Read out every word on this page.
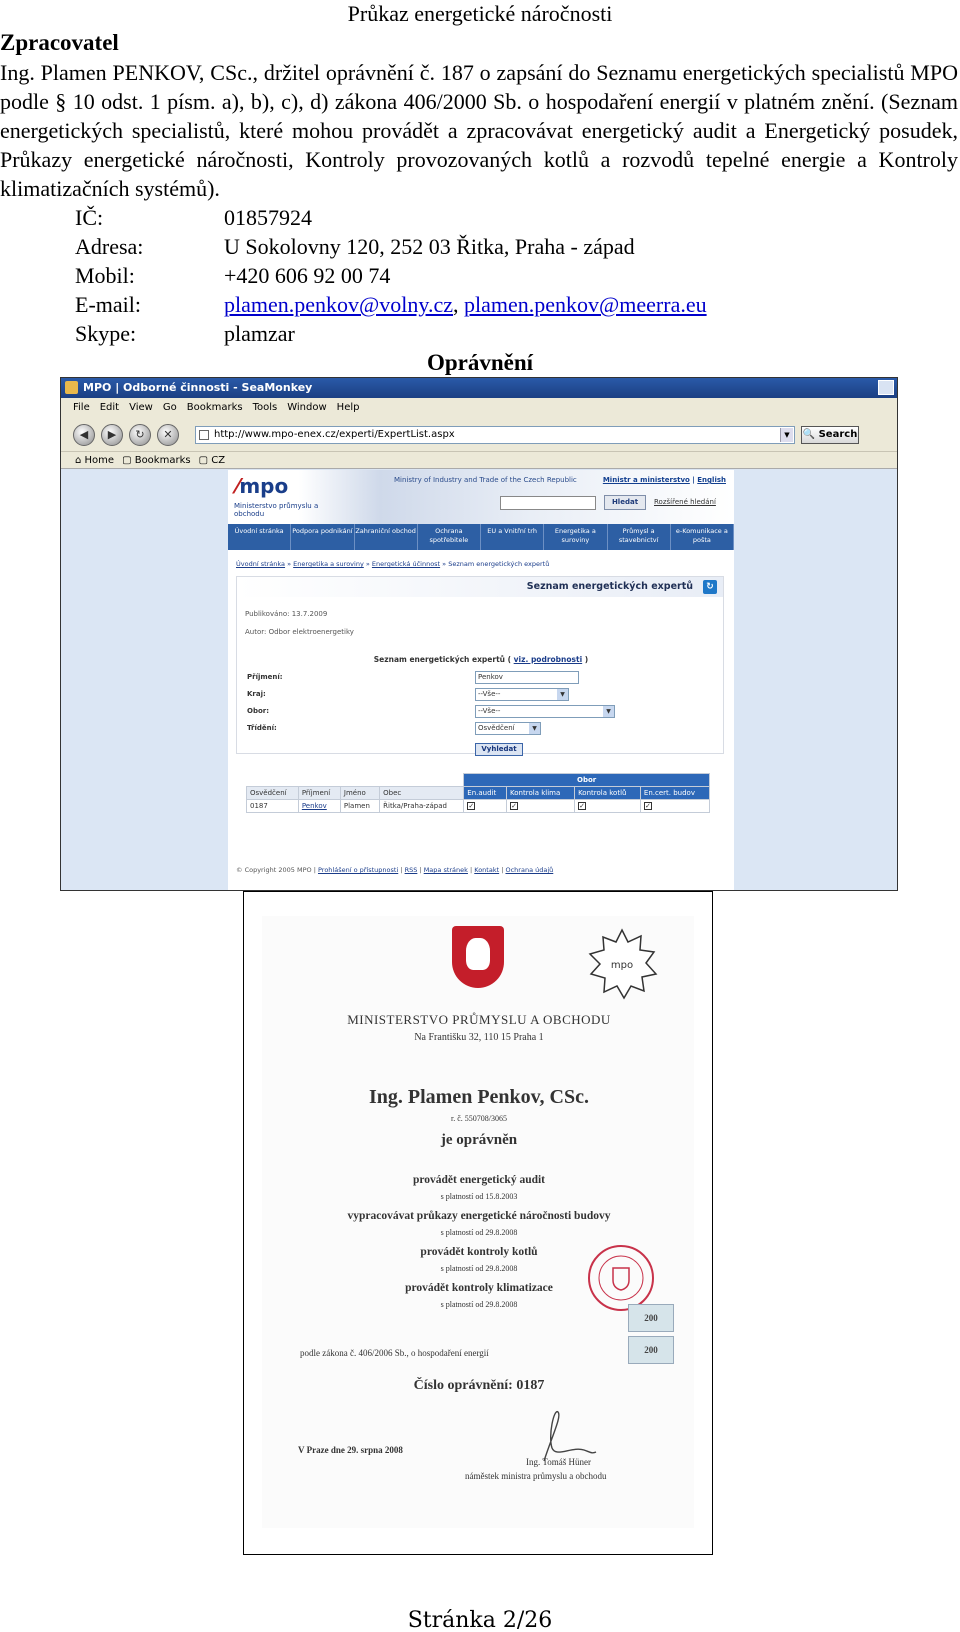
Průkaz energetické náročnosti
Zpracovatel
Ing. Plamen PENKOV, CSc., držitel oprávnění č. 187 o zapsání do Seznamu energetických specialistů MPO podle § 10 odst. 1 písm. a), b), c), d) zákona 406/2000 Sb. o hospodaření energií v platném znění. (Seznam energetických specialistů, které mohou provádět a zpracovávat energetický audit a Energetický posudek, Průkazy energetické náročnosti, Kontroly provozovaných kotlů a rozvodů tepelné energie a Kontroly klimatizačních systémů).
IČ:	01857924
Adresa:	U Sokolovny 120, 252 03 Řitka, Praha - západ
Mobil:	+420 606 92 00 74
E-mail:	plamen.penkov@volny.cz, plamen.penkov@meerra.eu
Skype:	plamzar
Oprávnění
MPO | Odborné činnosti - SeaMonkey
File Edit View Go Bookmarks Tools Window Help
◀	▶	↻	✕	http://www.mpo-enex.cz/experti/ExpertList.aspx	▼	🔍 Search
⌂ Home ▢ Bookmarks ▢ CZ
⁄mpo
Ministerstvo průmyslu a obchodu
Ministry of Industry and Trade of the Czech Republic	Ministr a ministerstvo | English
Hledat	Rozšířené hledání
Úvodní stránka	Podpora podnikání Zahraniční obchod	Ochrana spotřebitele
EU a Vnitřní trh	Energetika a suroviny
Průmysl a stavebnictví
e-Komunikace a pošta
Úvodní stránka » Energetika a suroviny » Energetická účinnost » Seznam energetických expertů
Seznam energetických expertů	↻
Publikováno: 13.7.2009
Autor: Odbor elektroenergetiky
Seznam energetických expertů ( viz. podrobnosti )
Příjmení:	Penkov
Kraj:	--Vše--	▼
Obor:	--Vše--	▼
Třídění:	Osvědčení	▼
Vyhledat
				Obor			
Osvědčení	Příjmení	Jméno	Obec	En.audit	Kontrola klima	Kontrola kotlů	En.cert. budov
0187	Penkov	Plamen	Řitka/Praha-západ	✓	✓	✓	✓
© Copyright 2005 MPO | Prohlášení o přístupnosti | RSS | Mapa stránek | Kontakt | Ochrana údajů
mpo
MINISTERSTVO PRŮMYSLU A OBCHODU
Na Františku 32, 110 15 Praha 1
Ing. Plamen Penkov, CSc.
r. č. 550708/3065
je oprávněn
provádět energetický audit
s platností od 15.8.2003
vypracovávat průkazy energetické náročnosti budovy
s platností od 29.8.2008
provádět kontroly kotlů
s platností od 29.8.2008
provádět kontroly klimatizace
s platností od 29.8.2008
200
200
podle zákona č. 406/2006 Sb., o hospodaření energií
Číslo oprávnění: 0187
V Praze dne 29. srpna 2008
Ing. Tomáš Hüner
náměstek ministra průmyslu a obchodu
Stránka 2/26
